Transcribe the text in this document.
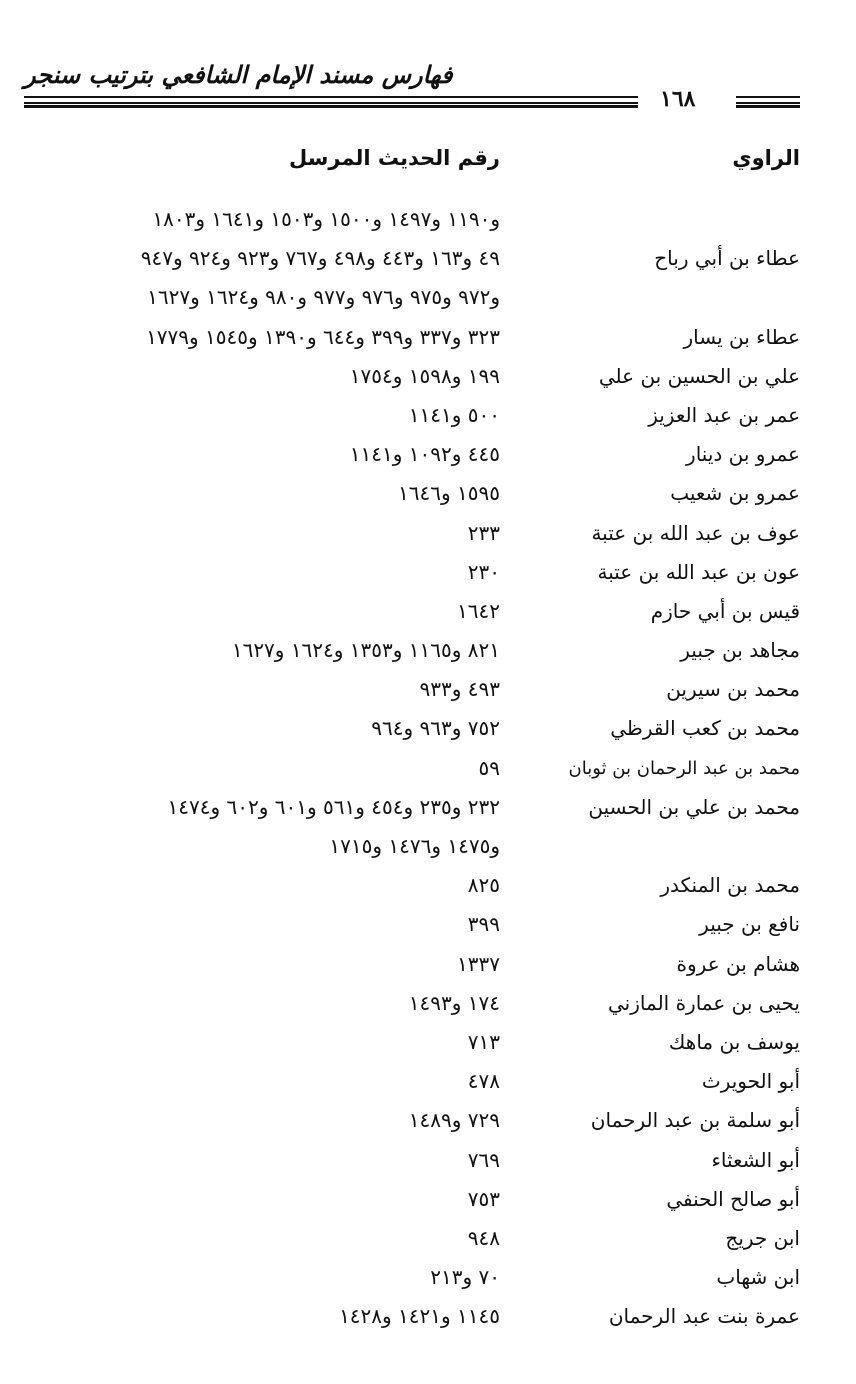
فهارس مسند الإمام الشافعي بترتيب سنجر
١٦٨
الراوي
رقم الحديث المرسل
و١١٩٠ و١٤٩٧ و١٥٠٠ و١٥٠٣ و١٦٤١ و١٨٠٣
عطاء بن أبي رباح
٤٩ و١٦٣ و٤٤٣ و٤٩٨ و٧٦٧ و٩٢٣ و٩٢٤ و٩٤٧
و٩٧٢ و٩٧٥ و٩٧٦ و٩٧٧ و٩٨٠ و١٦٢٤ و١٦٢٧
عطاء بن يسار
٣٢٣ و٣٣٧ و٣٩٩ و٦٤٤ و١٣٩٠ و١٥٤٥ و١٧٧٩
علي بن الحسين بن علي
١٩٩ و١٥٩٨ و١٧٥٤
عمر بن عبد العزيز
٥٠٠ و١١٤١
عمرو بن دينار
٤٤٥ و١٠٩٢ و١١٤١
عمرو بن شعيب
١٥٩٥ و١٦٤٦
عوف بن عبد الله بن عتبة
٢٣٣
عون بن عبد الله بن عتبة
٢٣٠
قيس بن أبي حازم
١٦٤٢
مجاهد بن جبير
٨٢١ و١١٦٥ و١٣٥٣ و١٦٢٤ و١٦٢٧
محمد بن سيرين
٤٩٣ و٩٣٣
محمد بن كعب القرظي
٧٥٢ و٩٦٣ و٩٦٤
محمد بن عبد الرحمان بن ثوبان
٥٩
محمد بن علي بن الحسين
٢٣٢ و٢٣٥ و٤٥٤ و٥٦١ و٦٠١ و٦٠٢ و١٤٧٤
و١٤٧٥ و١٤٧٦ و١٧١٥
محمد بن المنكدر
٨٢٥
نافع بن جبير
٣٩٩
هشام بن عروة
١٣٣٧
يحيى بن عمارة المازني
١٧٤ و١٤٩٣
يوسف بن ماهك
٧١٣
أبو الحويرث
٤٧٨
أبو سلمة بن عبد الرحمان
٧٢٩ و١٤٨٩
أبو الشعثاء
٧٦٩
أبو صالح الحنفي
٧٥٣
ابن جريج
٩٤٨
ابن شهاب
٧٠ و٢١٣
عمرة بنت عبد الرحمان
١١٤٥ و١٤٢١ و١٤٢٨
